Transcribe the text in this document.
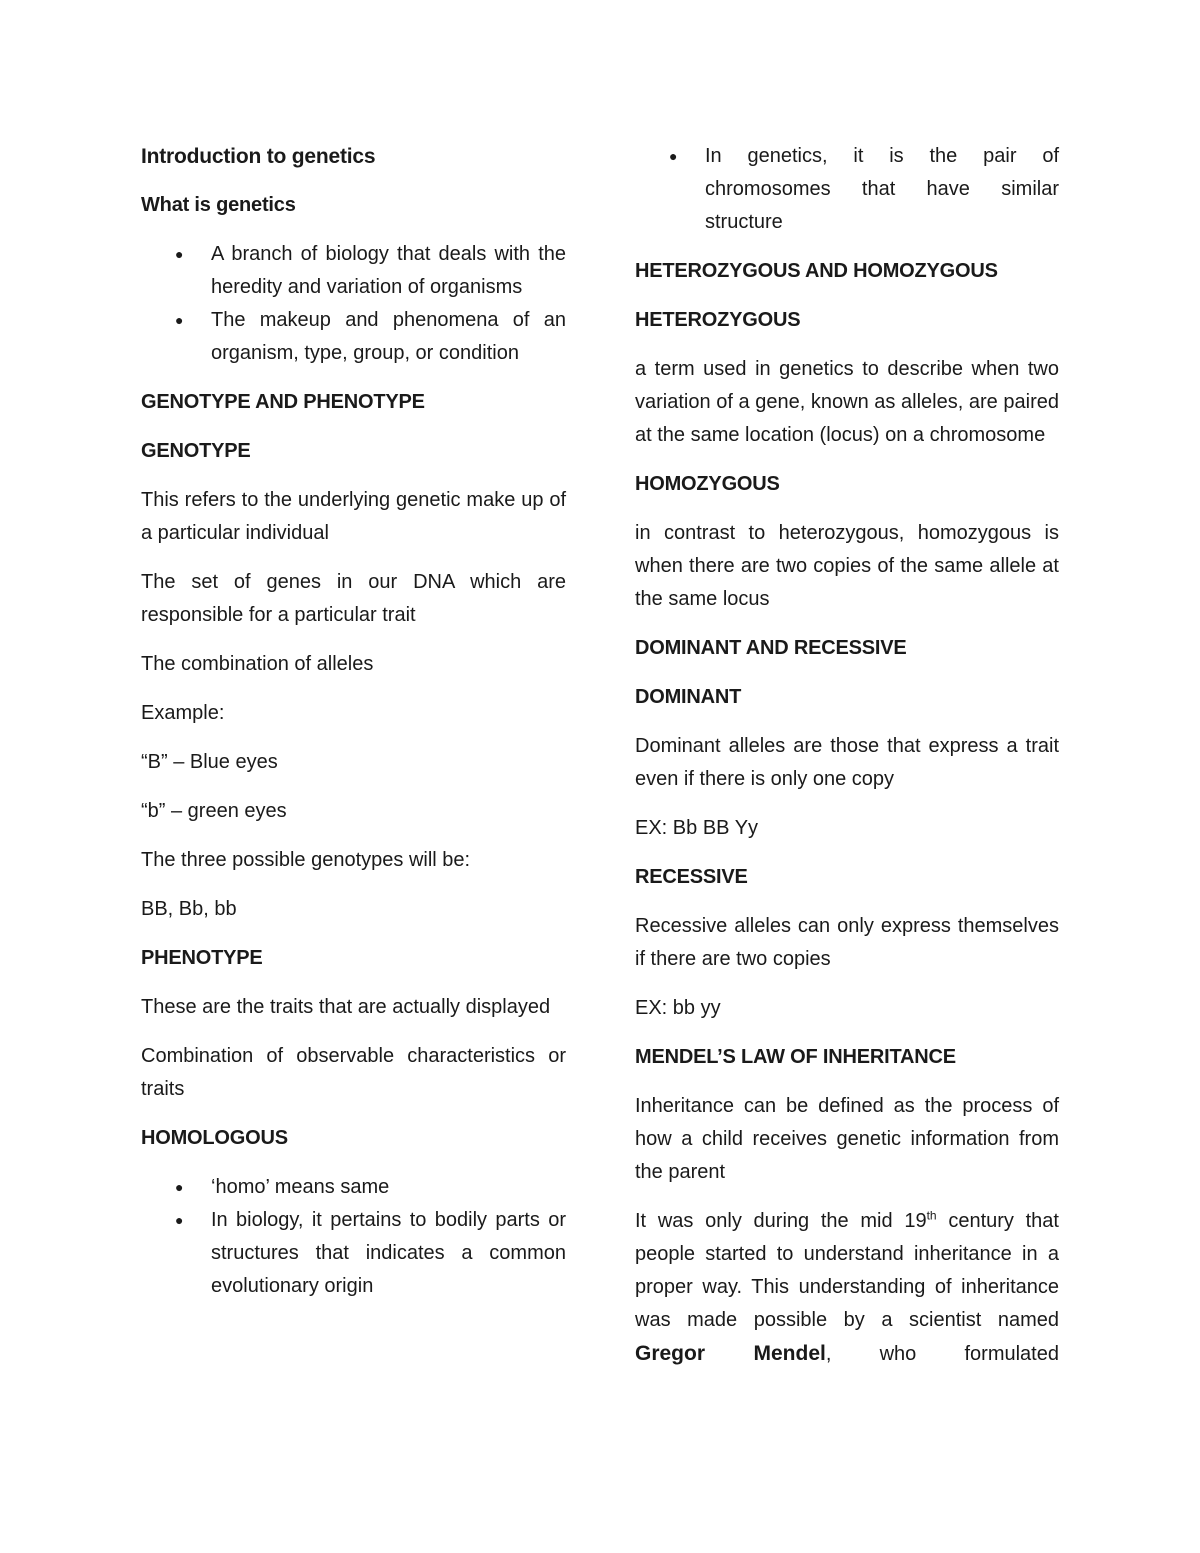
Introduction to genetics
What is genetics
● A branch of biology that deals with the heredity and variation of organisms
● The makeup and phenomena of an organism, type, group, or condition
GENOTYPE AND PHENOTYPE
GENOTYPE

This refers to the underlying genetic make up of a particular individual

The set of genes in our DNA which are responsible for a particular trait

The combination of alleles

Example:

“B” – Blue eyes

“b” – green eyes

The three possible genotypes will be:

BB, Bb, bb

PHENOTYPE

These are the traits that are actually displayed

Combination of observable characteristics or traits

HOMOLOGOUS
● ‘homo’ means same
● In biology, it pertains to bodily parts or structures that indicates a common evolutionary origin
● In genetics, it is the pair of chromosomes that have similar structure
HETEROZYGOUS AND HOMOZYGOUS
HETEROZYGOUS

a term used in genetics to describe when two variation of a gene, known as alleles, are paired at the same location (locus) on a chromosome

HOMOZYGOUS

in contrast to heterozygous, homozygous is when there are two copies of the same allele at the same locus

DOMINANT AND RECESSIVE
DOMINANT

Dominant alleles are those that express a trait even if there is only one copy

EX: Bb BB Yy

RECESSIVE

Recessive alleles can only express themselves if there are two copies

EX: bb yy

MENDEL’S LAW OF INHERITANCE

Inheritance can be defined as the process of how a child receives genetic information from the parent

It was only during the mid 19th century that people started to understand inheritance in a proper way. This understanding of inheritance was made possible by a scientist named Gregor Mendel, who formulated
